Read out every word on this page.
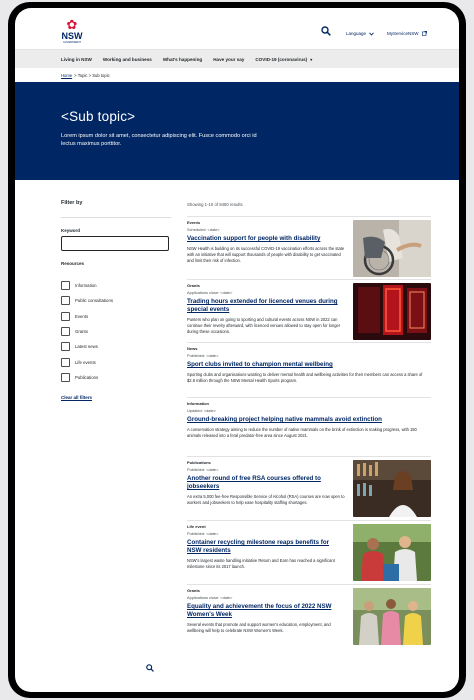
✿
NSW
GOVERNMENT
Language	MyServiceNSW
Living in NSW Working and business What's happening Have your say COVID-19 (coronavirus) ▾
Home > Topic > Sub topic
<Sub topic>

Lorem ipsum dolor sit amet, consectetur adipiscing elit. Fusce commodo orci id lectus maximus porttitor.

Filter by
Keyword
Resources
Information
Public consultations
Events
Grants
Latest news
Life events
Publications
Clear all filters
Showing 1-10 of 8450 results
Events
Scheduled: <date>
Vaccination support for people with disability
NSW Health is building on its successful COVID-19 vaccination efforts across the state with an initiative that will support thousands of people with disability to get vaccinated and limit their risk of infection.
Grants
Applications close: <date>
Trading hours extended for licenced venues during special events
Punters who plan on going to sporting and cultural events across NSW in 2022 can continue their revelry afterward, with licenced venues allowed to stay open for longer during these occasions.
News
Published: <date>
Sport clubs invited to champion mental wellbeing
Sporting clubs and organisations wanting to deliver mental health and wellbeing activities for their members can access a share of $2.8 million through the NSW Mental Health Sports program.
Information
Updated: <date>
Ground-breaking project helping native mammals avoid extinction
A conservation strategy aiming to reduce the number of native mammals on the brink of extinction is making progress, with 150 animals released into a feral predator-free area since August 2021.
Publications
Published: <date>
Another round of free RSA courses offered to jobseekers
An extra 5,000 fee-free Responsible Service of Alcohol (RSA) courses are now open to workers and jobseekers to help ease hospitality staffing shortages.
Life event
Published: <date>
Container recycling milestone reaps benefits for NSW residents
NSW's largest waste handling initiative Return and Earn has reached a significant milestone since its 2017 launch.
Grants
Applications close: <date>
Equality and achievement the focus of 2022 NSW Women's Week
Several events that promote and support women's education, employment, and wellbeing will help to celebrate NSW Women's Week.
